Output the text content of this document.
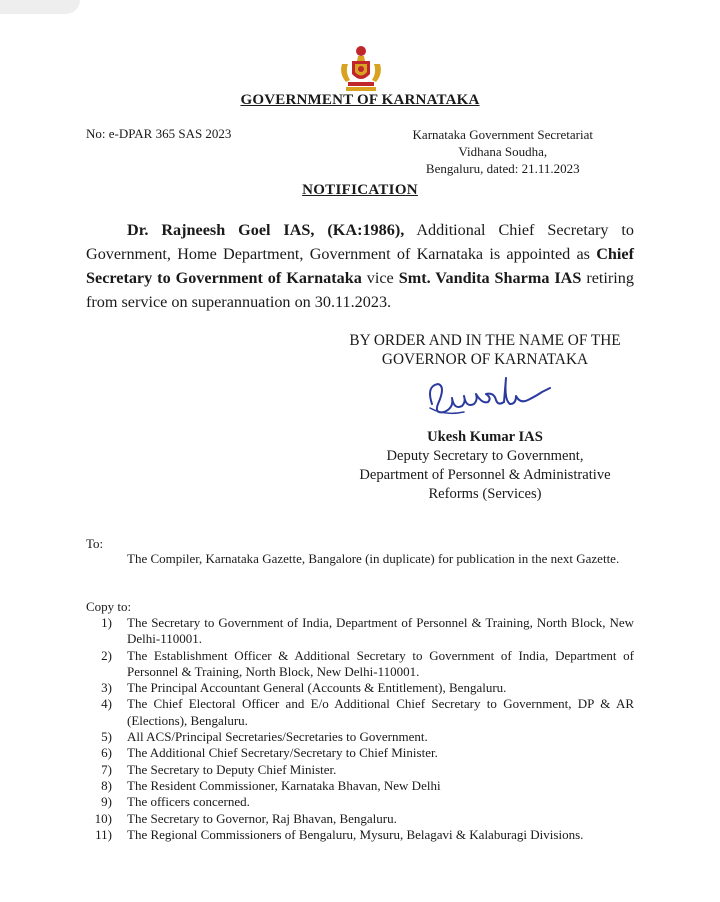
GOVERNMENT OF KARNATAKA
No: e-DPAR 365 SAS 2023	Karnataka Government Secretariat
Vidhana Soudha,
Bengaluru, dated: 21.11.2023
NOTIFICATION
Dr. Rajneesh Goel IAS, (KA:1986), Additional Chief Secretary to Government, Home Department, Government of Karnataka is appointed as Chief Secretary to Government of Karnataka vice Smt. Vandita Sharma IAS retiring from service on superannuation on 30.11.2023.
BY ORDER AND IN THE NAME OF THE
GOVERNOR OF KARNATAKA
Ukesh Kumar IAS
Deputy Secretary to Government,
Department of Personnel & Administrative
Reforms (Services)
To:
The Compiler, Karnataka Gazette, Bangalore (in duplicate) for publication in the next Gazette.
Copy to:
1)	The Secretary to Government of India, Department of Personnel & Training, North Block, New Delhi-110001.
2)	The Establishment Officer & Additional Secretary to Government of India, Department of Personnel & Training, North Block, New Delhi-110001.
3)	The Principal Accountant General (Accounts & Entitlement), Bengaluru.
4)	The Chief Electoral Officer and E/o Additional Chief Secretary to Government, DP & AR (Elections), Bengaluru.
5)	All ACS/Principal Secretaries/Secretaries to Government.
6)	The Additional Chief Secretary/Secretary to Chief Minister.
7)	The Secretary to Deputy Chief Minister.
8)	The Resident Commissioner, Karnataka Bhavan, New Delhi
9)	The officers concerned.
10)	The Secretary to Governor, Raj Bhavan, Bengaluru.
11)	The Regional Commissioners of Bengaluru, Mysuru, Belagavi & Kalaburagi Divisions.
